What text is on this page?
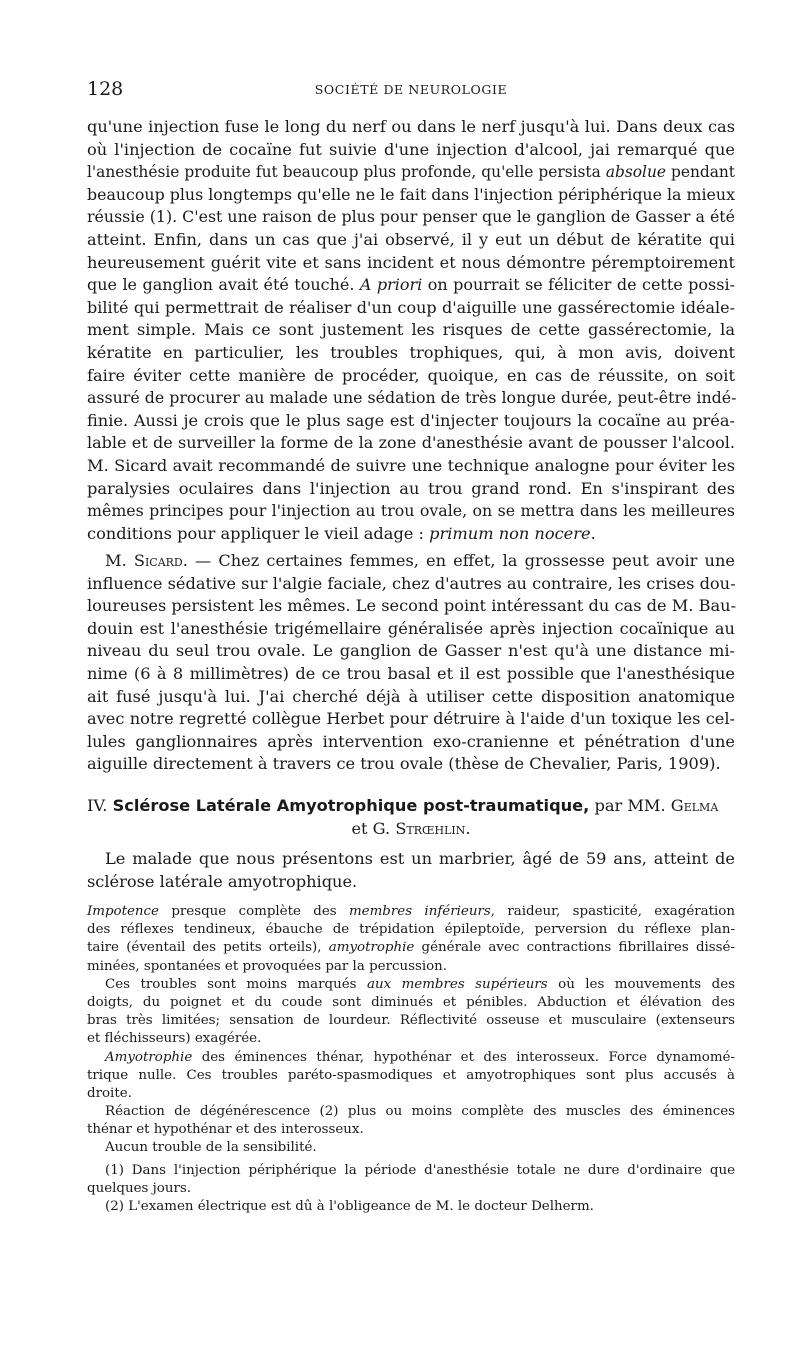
128	SOCIÉTÉ DE NEUROLOGIE
qu'une injection fuse le long du nerf ou dans le nerf jusqu'à lui. Dans deux cas
où l'injection de cocaïne fut suivie d'une injection d'alcool, jai remarqué que
l'anesthésie produite fut beaucoup plus profonde, qu'elle persista absolue pendant
beaucoup plus longtemps qu'elle ne le fait dans l'injection périphérique la mieux
réussie (1). C'est une raison de plus pour penser que le ganglion de Gasser a été
atteint. Enfin, dans un cas que j'ai observé, il y eut un début de kératite qui
heureusement guérit vite et sans incident et nous démontre péremptoirement
que le ganglion avait été touché. A priori on pourrait se féliciter de cette possi-
bilité qui permettrait de réaliser d'un coup d'aiguille une gassérectomie idéale-
ment simple. Mais ce sont justement les risques de cette gassérectomie, la
kératite en particulier, les troubles trophiques, qui, à mon avis, doivent
faire éviter cette manière de procéder, quoique, en cas de réussite, on soit
assuré de procurer au malade une sédation de très longue durée, peut-être indé-
finie. Aussi je crois que le plus sage est d'injecter toujours la cocaïne au préa-
lable et de surveiller la forme de la zone d'anesthésie avant de pousser l'alcool.
M. Sicard avait recommandé de suivre une technique analogne pour éviter les
paralysies oculaires dans l'injection au trou grand rond. En s'inspirant des
mêmes principes pour l'injection au trou ovale, on se mettra dans les meilleures
conditions pour appliquer le vieil adage : primum non nocere.
M. Sicard. — Chez certaines femmes, en effet, la grossesse peut avoir une
influence sédative sur l'algie faciale, chez d'autres au contraire, les crises dou-
loureuses persistent les mêmes. Le second point intéressant du cas de M. Bau-
douin est l'anesthésie trigémellaire généralisée après injection cocaïnique au
niveau du seul trou ovale. Le ganglion de Gasser n'est qu'à une distance mi-
nime (6 à 8 millimètres) de ce trou basal et il est possible que l'anesthésique
ait fusé jusqu'à lui. J'ai cherché déjà à utiliser cette disposition anatomique
avec notre regretté collègue Herbet pour détruire à l'aide d'un toxique les cel-
lules ganglionnaires après intervention exo-cranienne et pénétration d'une
aiguille directement à travers ce trou ovale (thèse de Chevalier, Paris, 1909).
IV. Sclérose Latérale Amyotrophique post-traumatique, par MM. Gelma
et G. Strœhlin.
Le malade que nous présentons est un marbrier, âgé de 59 ans, atteint de
sclérose latérale amyotrophique.
Impotence presque complète des membres inférieurs, raideur, spasticité, exagération
des réflexes tendineux, ébauche de trépidation épileptoïde, perversion du réflexe plan-
taire (éventail des petits orteils), amyotrophie générale avec contractions fibrillaires dissé-
minées, spontanées et provoquées par la percussion.
Ces troubles sont moins marqués aux membres supérieurs où les mouvements des
doigts, du poignet et du coude sont diminués et pénibles. Abduction et élévation des
bras très limitées; sensation de lourdeur. Réflectivité osseuse et musculaire (extenseurs
et fléchisseurs) exagérée.
Amyotrophie des éminences thénar, hypothénar et des interosseux. Force dynamomé-
trique nulle. Ces troubles paréto-spasmodiques et amyotrophiques sont plus accusés à
droite.
Réaction de dégénérescence (2) plus ou moins complète des muscles des éminences
thénar et hypothénar et des interosseux.
Aucun trouble de la sensibilité.
(1) Dans l'injection périphérique la période d'anesthésie totale ne dure d'ordinaire que
quelques jours.
(2) L'examen électrique est dû à l'obligeance de M. le docteur Delherm.
